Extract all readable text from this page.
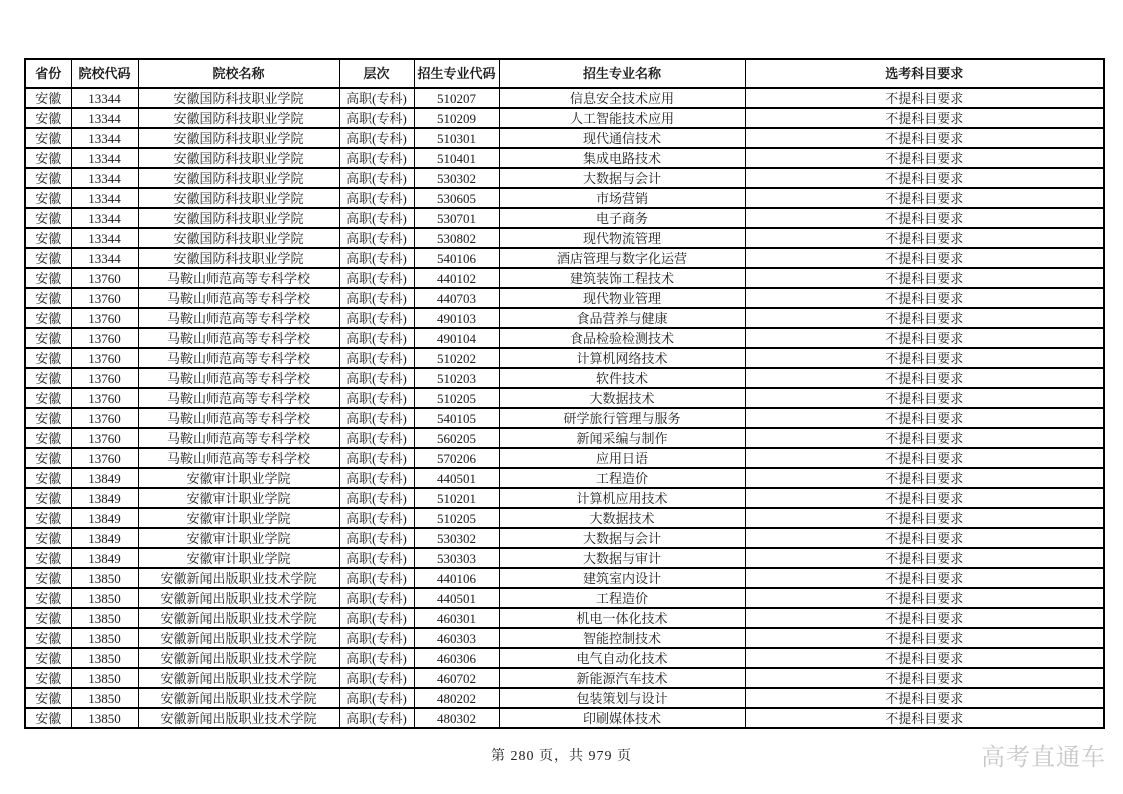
省份	院校代码	院校名称	层次	招生专业代码	招生专业名称	选考科目要求
安徽	13344	安徽国防科技职业学院	高职(专科)	510207	信息安全技术应用	不提科目要求
安徽	13344	安徽国防科技职业学院	高职(专科)	510209	人工智能技术应用	不提科目要求
安徽	13344	安徽国防科技职业学院	高职(专科)	510301	现代通信技术	不提科目要求
安徽	13344	安徽国防科技职业学院	高职(专科)	510401	集成电路技术	不提科目要求
安徽	13344	安徽国防科技职业学院	高职(专科)	530302	大数据与会计	不提科目要求
安徽	13344	安徽国防科技职业学院	高职(专科)	530605	市场营销	不提科目要求
安徽	13344	安徽国防科技职业学院	高职(专科)	530701	电子商务	不提科目要求
安徽	13344	安徽国防科技职业学院	高职(专科)	530802	现代物流管理	不提科目要求
安徽	13344	安徽国防科技职业学院	高职(专科)	540106	酒店管理与数字化运营	不提科目要求
安徽	13760	马鞍山师范高等专科学校	高职(专科)	440102	建筑装饰工程技术	不提科目要求
安徽	13760	马鞍山师范高等专科学校	高职(专科)	440703	现代物业管理	不提科目要求
安徽	13760	马鞍山师范高等专科学校	高职(专科)	490103	食品营养与健康	不提科目要求
安徽	13760	马鞍山师范高等专科学校	高职(专科)	490104	食品检验检测技术	不提科目要求
安徽	13760	马鞍山师范高等专科学校	高职(专科)	510202	计算机网络技术	不提科目要求
安徽	13760	马鞍山师范高等专科学校	高职(专科)	510203	软件技术	不提科目要求
安徽	13760	马鞍山师范高等专科学校	高职(专科)	510205	大数据技术	不提科目要求
安徽	13760	马鞍山师范高等专科学校	高职(专科)	540105	研学旅行管理与服务	不提科目要求
安徽	13760	马鞍山师范高等专科学校	高职(专科)	560205	新闻采编与制作	不提科目要求
安徽	13760	马鞍山师范高等专科学校	高职(专科)	570206	应用日语	不提科目要求
安徽	13849	安徽审计职业学院	高职(专科)	440501	工程造价	不提科目要求
安徽	13849	安徽审计职业学院	高职(专科)	510201	计算机应用技术	不提科目要求
安徽	13849	安徽审计职业学院	高职(专科)	510205	大数据技术	不提科目要求
安徽	13849	安徽审计职业学院	高职(专科)	530302	大数据与会计	不提科目要求
安徽	13849	安徽审计职业学院	高职(专科)	530303	大数据与审计	不提科目要求
安徽	13850	安徽新闻出版职业技术学院	高职(专科)	440106	建筑室内设计	不提科目要求
安徽	13850	安徽新闻出版职业技术学院	高职(专科)	440501	工程造价	不提科目要求
安徽	13850	安徽新闻出版职业技术学院	高职(专科)	460301	机电一体化技术	不提科目要求
安徽	13850	安徽新闻出版职业技术学院	高职(专科)	460303	智能控制技术	不提科目要求
安徽	13850	安徽新闻出版职业技术学院	高职(专科)	460306	电气自动化技术	不提科目要求
安徽	13850	安徽新闻出版职业技术学院	高职(专科)	460702	新能源汽车技术	不提科目要求
安徽	13850	安徽新闻出版职业技术学院	高职(专科)	480202	包装策划与设计	不提科目要求
安徽	13850	安徽新闻出版职业技术学院	高职(专科)	480302	印刷媒体技术	不提科目要求
第 280 页，共 979 页	高考直通车
